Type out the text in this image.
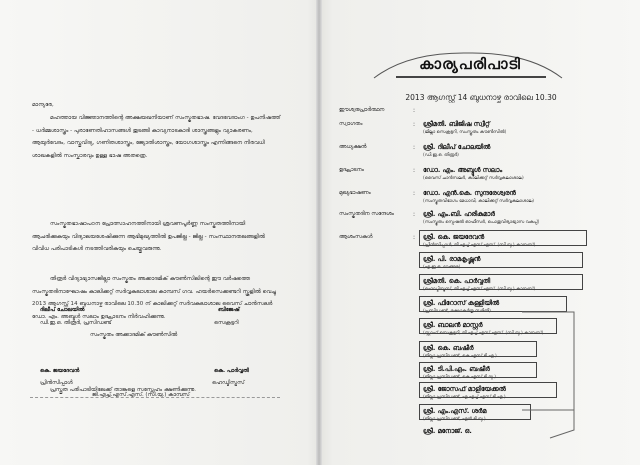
മാന്യരേ,
മഹത്തായ വിജ്ഞാനത്തിന്റെ അക്ഷയഖനിയാണ് സംസ്കൃതഭാഷ. വേദവേദാംഗ - ഉപനിഷത്ത് - ധർമ്മശാസ്ത്രം - പുരാണേതിഹാസങ്ങൾ തുടങ്ങി കാവ്യനാടകാദി ശാസ്ത്രങ്ങളും വ്യാകരണം, ആയുർവേദം, വാസ്തുവിദ്യ, ഗണിതശാസ്ത്രം, ജ്യോതിശാസ്ത്രം, യോഗശാസ്ത്രം എന്നിങ്ങനെ നിരവധി ശാഖകളിൽ സംസ്കാരവും ഉള്ള ഭാഷ അതത്രെ.
സംസ്കൃതഭാഷാപഠന പ്രോത്സാഹനത്തിനായി ശ്രവണപൂർണ്ണ സംസ്കൃതത്തിനായി ആചരിക്കുകയും വിദ്യാലയശേഷിക്കുന്ന ആഭിമുഖ്യത്തിൽ ഉപജില്ല - ജില്ല - സംസ്ഥാനതലങ്ങളിൽ വിവിധ പരിപാടികൾ നടത്തിവരികയും ചെയ്തുവരുന്നു.
തിരൂർ വിദ്യാഭ്യാസജില്ലാ സംസ്കൃതം അക്കാദമിക് കൗൺസിലിന്റെ ഈ വർഷത്തെ സംസ്കൃതദിനാഘോഷം കാലിക്കറ്റ് സർവ്വകലാശാല കാമ്പസ് ഗവ. ഹയർസെക്കണ്ടറി സ്കൂളിൽ വെച്ചു 2013 ആഗസ്റ്റ് 14 ബുധനാഴ്ച രാവിലെ 10.30 ന് കാലിക്കറ്റ് സർവകലാശാല വൈസ് ചാൻസലർ ഡോ. എം. അബ്ദുൾ സലാം ഉദ്ഘാടനം നിർവഹിക്കുന്നു.
പ്രസ്തുത പരിപാടിയിലേക്ക് താങ്കളെ സസ്നേഹം ക്ഷണിക്കുന്നു.
ദിലീപ് ചോലയിൽ
ഡി.ഇ.ഒ. തിരൂർ, പ്രസിഡണ്ട്
ബിജേഷ്
സെക്രട്ടറി
സംസ്കൃതം അക്കാദമിക് കൗൺസിൽ
കെ. ജയദേവൻ
പ്രിൻസിപ്പാൾ
കെ. പാർവ്വതി
ഹെഡ്മിസ്ട്രസ്
ജി.എച്ച്.എസ്.എസ്. (സി.യു.) കാമ്പസ്
കാര്യപരിപാടി
2013 ആഗസ്റ്റ് 14 ബുധനാഴ്ച രാവിലെ 10.30
ഈശ്വരപ്രാർത്ഥന	:
സ്വാഗതം	: ശ്രീമതി. ബിജിഷ സ്വീറ്റ്
(ജില്ലാ സെക്രട്ടറി, സംസ്കൃതം കൗൺസിൽ)
അധ്യക്ഷൻ	: ശ്രീ. ദിലീപ് ചോലയിൽ
(ഡി.ഇ.ഒ. തിരൂർ)
ഉദ്ഘാടനം	: ഡോ. എം. അബ്ദുൾ സലാം
(വൈസ് ചാൻസലർ, കാലിക്കറ്റ് സർവ്വകലാശാല)
മുഖ്യഭാഷണം	: ഡോ. എൻ.കെ. സുന്ദരേശ്വരൻ
(സംസ്കൃതവിഭാഗം മേധാവി, കാലിക്കറ്റ് സർവ്വകലാശാല)
സംസ്കൃതദിന സന്ദേശം	: ശ്രീ. എം.ബി. ഹരികുമാർ
(സംസ്കൃതം സ്പെഷൽ ഓഫീസർ, പൊതുവിദ്യാഭ്യാസ വകുപ്പ്)
ആശംസകൾ	: ശ്രീ. കെ. ജയദേവൻ
(പ്രിൻസിപ്പാൾ, ജി.എച്ച്.എസ്.എസ്. (സി.യു.) കാമ്പസ്)
ശ്രീ. പി. രാമകൃഷ്ണൻ
(എ.ഇ.ഒ. വേങ്ങര)
ശ്രീമതി. കെ. പാർവ്വതി
(ഹെഡ്മിസ്ട്രസ്, ജി.എച്ച്.എസ്.എസ്. (സി.യു.) കാമ്പസ്)
ശ്രീ. ഫിറോസ് കള്ളിയിൽ
(പ്രസിഡണ്ട്, രക്ഷാകർതൃ സമിതി)
ശ്രീ. ബാലൻ മാസ്റ്റർ
(സ്റ്റാഫ് സെക്രട്ടറി, ജി.എച്ച്.എസ്.എസ്. (സി.യു.) കാമ്പസ്)
ശ്രീ. കെ. ബഷീർ
(ജില്ലാ പ്രസിഡണ്ട്, കെ.എസ്.ടി.എ.)
ശ്രീ. ടി.പി.എം. ബഷീർ
(ജില്ലാ പ്രസിഡണ്ട്, കെ.എസ്.ടി.യു.)
ശ്രീ. ജോസഫ് മാളിയേക്കൽ
(ജില്ലാ പ്രസിഡണ്ട്, എ.എച്ച്.എസ്.ടി.എ.)
ശ്രീ. എം.എസ്. ശർമ
(ജില്ലാ പ്രസിഡണ്ട്, എൻ.ടി.യു.)
ശ്രീ. മനോജ്. ഒ.
